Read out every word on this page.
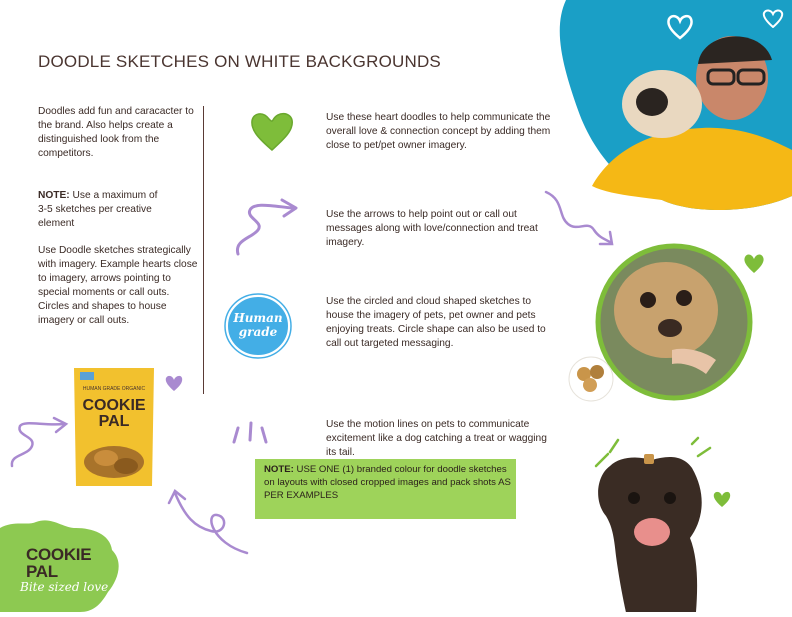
DOODLE SKETCHES ON WHITE BACKGROUNDS
Doodles add fun and caracacter to the brand. Also helps create a distinguished look from the competitors.
NOTE: Use a maximum of 3-5 sketches per creative element
Use Doodle sketches strategically with imagery. Example hearts close to imagery, arrows pointing to special moments or call outs. Circles and shapes to house imagery or call outs.
Use these heart doodles to help communicate the overall love & connection concept by adding them close to pet/pet owner imagery.
Use the arrows to help point out or call out messages along with love/connection and treat imagery.
Human
grade
Use the circled and cloud shaped sketches to house the imagery of pets, pet owner and pets enjoying treats. Circle shape can also be used to call out targeted messaging.
Use the motion lines on pets to communicate excitement like a dog catching a treat or wagging its tail.
NOTE: USE ONE (1) branded colour for doodle sketches on layouts with closed cropped images and pack shots AS PER EXAMPLES
HUMAN GRADE ORGANIC
COOKIE
PAL
COOKIE
PAL
Bite sized love
